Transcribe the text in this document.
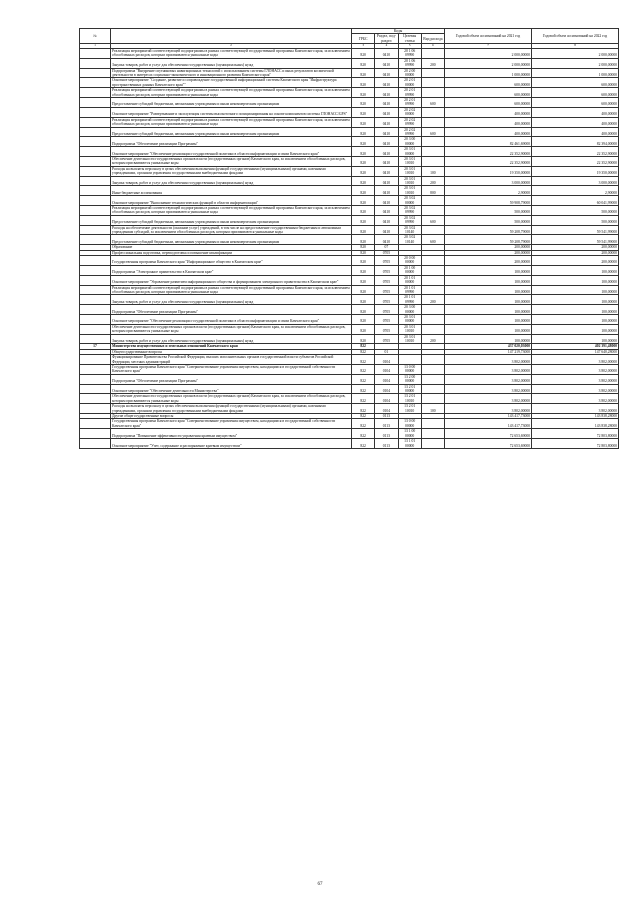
№		Коды				Годовой объем ассигнований на 2021 год	Годовой объем ассигнований на 2022 год
		ГРБС	Раздел, под-раздел	Целевая статья	Вид расхода		
1	2	3	4	5	6	7	8
	Реализация мероприятий соответствующей подпрограммы в рамках соответствующей государственной программы Камчатского края, за исключением обособленных расходов, которым присваиваются уникальные коды	820	0410	20 1 06 09990		2 000,00000	2 000,00000
	Закупка товаров, работ и услуг для обеспечения государственных (муниципальных) нужд	820	0410	20 1 06 09990	200	2 000,00000	2 000,00000
	Подпрограмма "Внедрение спутниковых навигационных технологий с использованием системы ГЛОНАСС и иных результатов космической деятельности в интересах социально-экономического и инновационного развития Камчатского края"	820	0410	20 2 00 00000		1 000,00000	1 000,00000
	Основное мероприятие "Создание, развитие и сопровождение государственной информационной системы Камчатского края "Инфраструктура пространственных данных Камчатского края""	820	0410	20 2 01 00000		600,00000	600,00000
	Реализация мероприятий соответствующей подпрограммы в рамках соответствующей государственной программы Камчатского края, за исключением обособленных расходов, которым присваиваются уникальные коды	820	0410	20 2 01 09990		600,00000	600,00000
	Предоставление субсидий бюджетным, автономным учреждениям и иным некоммерческим организациям	820	0410	20 2 01 09990	600	600,00000	600,00000
	Основное мероприятие "Развертывание и эксплуатация системы высокоточного позиционирования на основе компонентов системы ГЛОНАСС/GPS"	820	0410	20 2 02 00000		400,00000	400,00000
	Реализация мероприятий соответствующей подпрограммы в рамках соответствующей государственной программы Камчатского края, за исключением обособленных расходов, которым присваиваются уникальные коды	820	0410	20 2 02 09990		400,00000	400,00000
	Предоставление субсидий бюджетным, автономным учреждениям и иным некоммерческим организациям	820	0410	20 2 02 09990	600	400,00000	400,00000
	Подпрограмма "Обеспечение реализации Программы"	820	0410	20 3 00 00000		82 461,69000	82 394,00000
	Основное мероприятие "Обеспечение реализации государственной политики в области информатизации и связи Камчатского края"	820	0410	20 3 01 00000		22 352,90000	22 352,90000
	Обеспечение деятельности государственных органов власти (государственных органов) Камчатского края, за исключением обособленных расходов, которым присваиваются уникальные коды	820	0410	20 3 01 10010		22 352,90000	22 352,90000
	Расходы на выплаты персоналу в целях обеспечения выполнения функций государственными (муниципальными) органами, казенными учреждениями, органами управления государственными внебюджетными фондами	820	0410	20 3 01 10010	100	19 350,00000	19 350,00000
	Закупка товаров, работ и услуг для обеспечения государственных (муниципальных) нужд	820	0410	20 3 01 10010	200	3 000,00000	3 000,00000
	Иные бюджетные ассигнования	820	0410	20 3 01 10010	800	2,90000	2,90000
	Основное мероприятие "Выполнение технологических функций в области информатизации"	820	0410	20 3 02 00000		59 908,79000	60 041,99000
	Реализация мероприятий соответствующей подпрограммы в рамках соответствующей государственной программы Камчатского края, за исключением обособленных расходов, которым присваиваются уникальные коды	820	0410	20 3 02 09990		500,00000	500,00000
	Предоставление субсидий бюджетным, автономным учреждениям и иным некоммерческим организациям	820	0410	20 3 02 09990	600	500,00000	500,00000
	Расходы на обеспечение деятельности (оказание услуг) учреждений, в том числе на предоставление государственным бюджетным и автономным учреждениям субсидий, за исключением обособленных расходов, которым присваиваются уникальные коды	820	0410	20 3 02 10140		59 208,79000	59 541,99000
	Предоставление субсидий бюджетным, автономным учреждениям и иным некоммерческим организациям	820	0410	20 3 02 10140	600	59 208,79000	59 541,99000
	Образование	820	07			200,00000	200,00000
	Профессиональная подготовка, переподготовка и повышение квалификации	820	0705			200,00000	200,00000
	Государственная программа Камчатского края "Информационное общество в Камчатском крае"	820	0705	20 0 00 00000		200,00000	200,00000
	Подпрограмма "Электронное правительство в Камчатском крае"	820	0705	20 1 00 00000		100,00000	100,00000
	Основное мероприятие "Управление развитием информационного общества и формированием электронного правительства в Камчатском крае"	820	0705	20 1 01 00000		100,00000	100,00000
	Реализация мероприятий соответствующей подпрограммы в рамках соответствующей государственной программы Камчатского края, за исключением обособленных расходов, которым присваиваются уникальные коды	820	0705	20 1 01 09990		100,00000	100,00000
	Закупка товаров, работ и услуг для обеспечения государственных (муниципальных) нужд	820	0705	20 1 01 09990	200	100,00000	100,00000
	Подпрограмма "Обеспечение реализации Программы"	820	0705	20 3 00 00000		100,00000	100,00000
	Основное мероприятие "Обеспечение реализации государственной политики в области информатизации и связи Камчатского края"	820	0705	20 3 01 00000		100,00000	100,00000
	Обеспечение деятельности государственных органов власти (государственных органов) Камчатского края, за исключением обособленных расходов, которым присваиваются уникальные коды	820	0705	20 3 01 10010		100,00000	100,00000
	Закупка товаров, работ и услуг для обеспечения государственных (муниципальных) нужд	820	0705	20 3 01 10010	200	100,00000	100,00000
17	Министерство имущественных и земельных отношений Камчатского края	822				437 020,03000	402 391,48000
	Общегосударственные вопросы	822	01			147 219,73000	147 640,28000
	Функционирование Правительства Российской Федерации, высших исполнительных органов государственной власти субъектов Российской Федерации, местных администраций	822	0104			3 802,00000	3 802,00000
	Государственная программа Камчатского края "Совершенствование управления имуществом, находящимся в государственной собственности Камчатского края"	822	0104	13 0 00 00000		3 802,00000	3 802,00000
	Подпрограмма "Обеспечение реализации Программы"	822	0104	13 2 00 00000		3 802,00000	3 802,00000
	Основное мероприятие "Обеспечение деятельности Министерства"	822	0104	13 2 01 00000		3 802,00000	3 802,00000
	Обеспечение деятельности государственных органов власти (государственных органов) Камчатского края, за исключением обособленных расходов, которым присваиваются уникальные коды	822	0104	13 2 01 10010		3 802,00000	3 802,00000
	Расходы на выплаты персоналу в целях обеспечения выполнения функций государственными (муниципальными) органами, казенными учреждениями, органами управления государственными внебюджетными фондами	822	0104	13 2 01 10010	100	3 802,00000	3 802,00000
	Другие общегосударственные вопросы	822	0113			143 417,73000	143 838,28000
	Государственная программа Камчатского края "Совершенствование управления имуществом, находящимся в государственной собственности Камчатского края"	822	0113	13 0 00 00000		143 417,73000	143 838,28000
	Подпрограмма "Повышение эффективности управления краевым имуществом"	822	0113	13 1 00 00000		72 653,69000	72 803,80000
	Основное мероприятие "Учет, содержание и распоряжение краевым имуществом"	822	0113	13 1 01 00000		72 653,69000	72 803,80000
67
